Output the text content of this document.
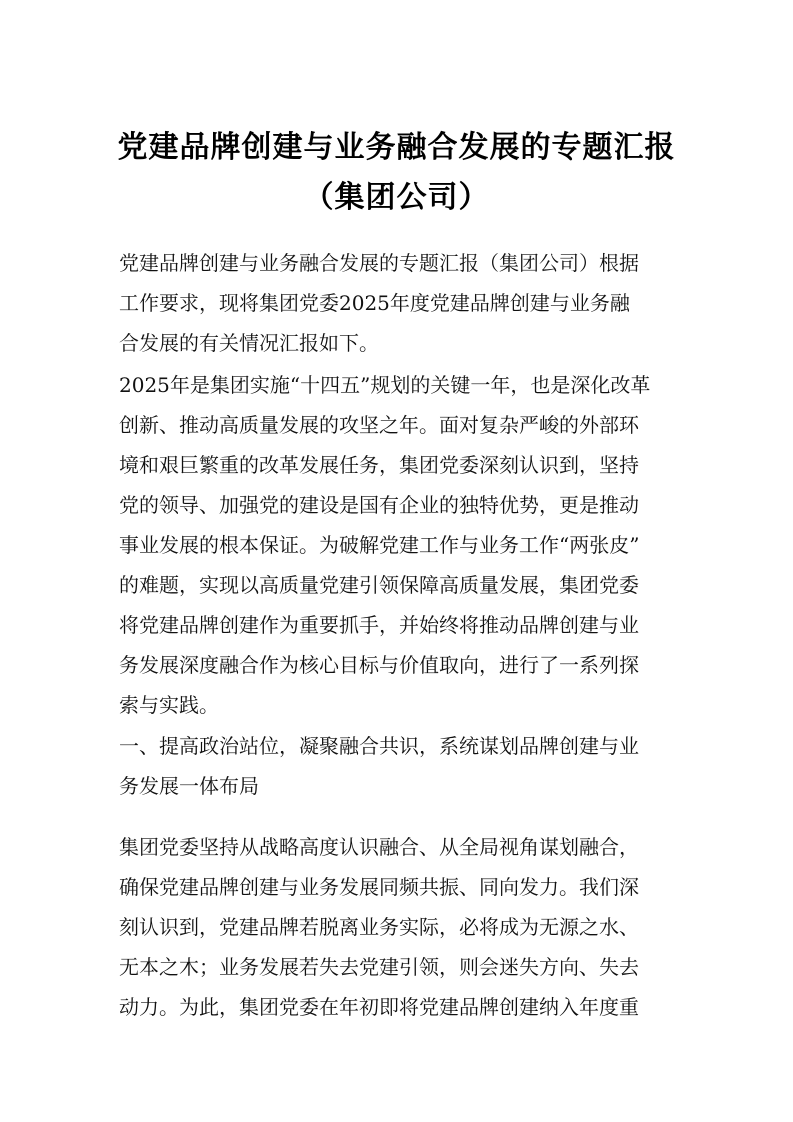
党建品牌创建与业务融合发展的专题汇报
（集团公司）
党建品牌创建与业务融合发展的专题汇报（集团公司）根据
工作要求，现将集团党委2025年度党建品牌创建与业务融
合发展的有关情况汇报如下。
2025年是集团实施“十四五”规划的关键一年，也是深化改革
创新、推动高质量发展的攻坚之年。面对复杂严峻的外部环
境和艰巨繁重的改革发展任务，集团党委深刻认识到，坚持
党的领导、加强党的建设是国有企业的独特优势，更是推动
事业发展的根本保证。为破解党建工作与业务工作“两张皮”
的难题，实现以高质量党建引领保障高质量发展，集团党委
将党建品牌创建作为重要抓手，并始终将推动品牌创建与业
务发展深度融合作为核心目标与价值取向，进行了一系列探
索与实践。
一、提高政治站位，凝聚融合共识，系统谋划品牌创建与业
务发展一体布局
集团党委坚持从战略高度认识融合、从全局视角谋划融合，
确保党建品牌创建与业务发展同频共振、同向发力。我们深
刻认识到，党建品牌若脱离业务实际，必将成为无源之水、
无本之木；业务发展若失去党建引领，则会迷失方向、失去
动力。为此，集团党委在年初即将党建品牌创建纳入年度重
